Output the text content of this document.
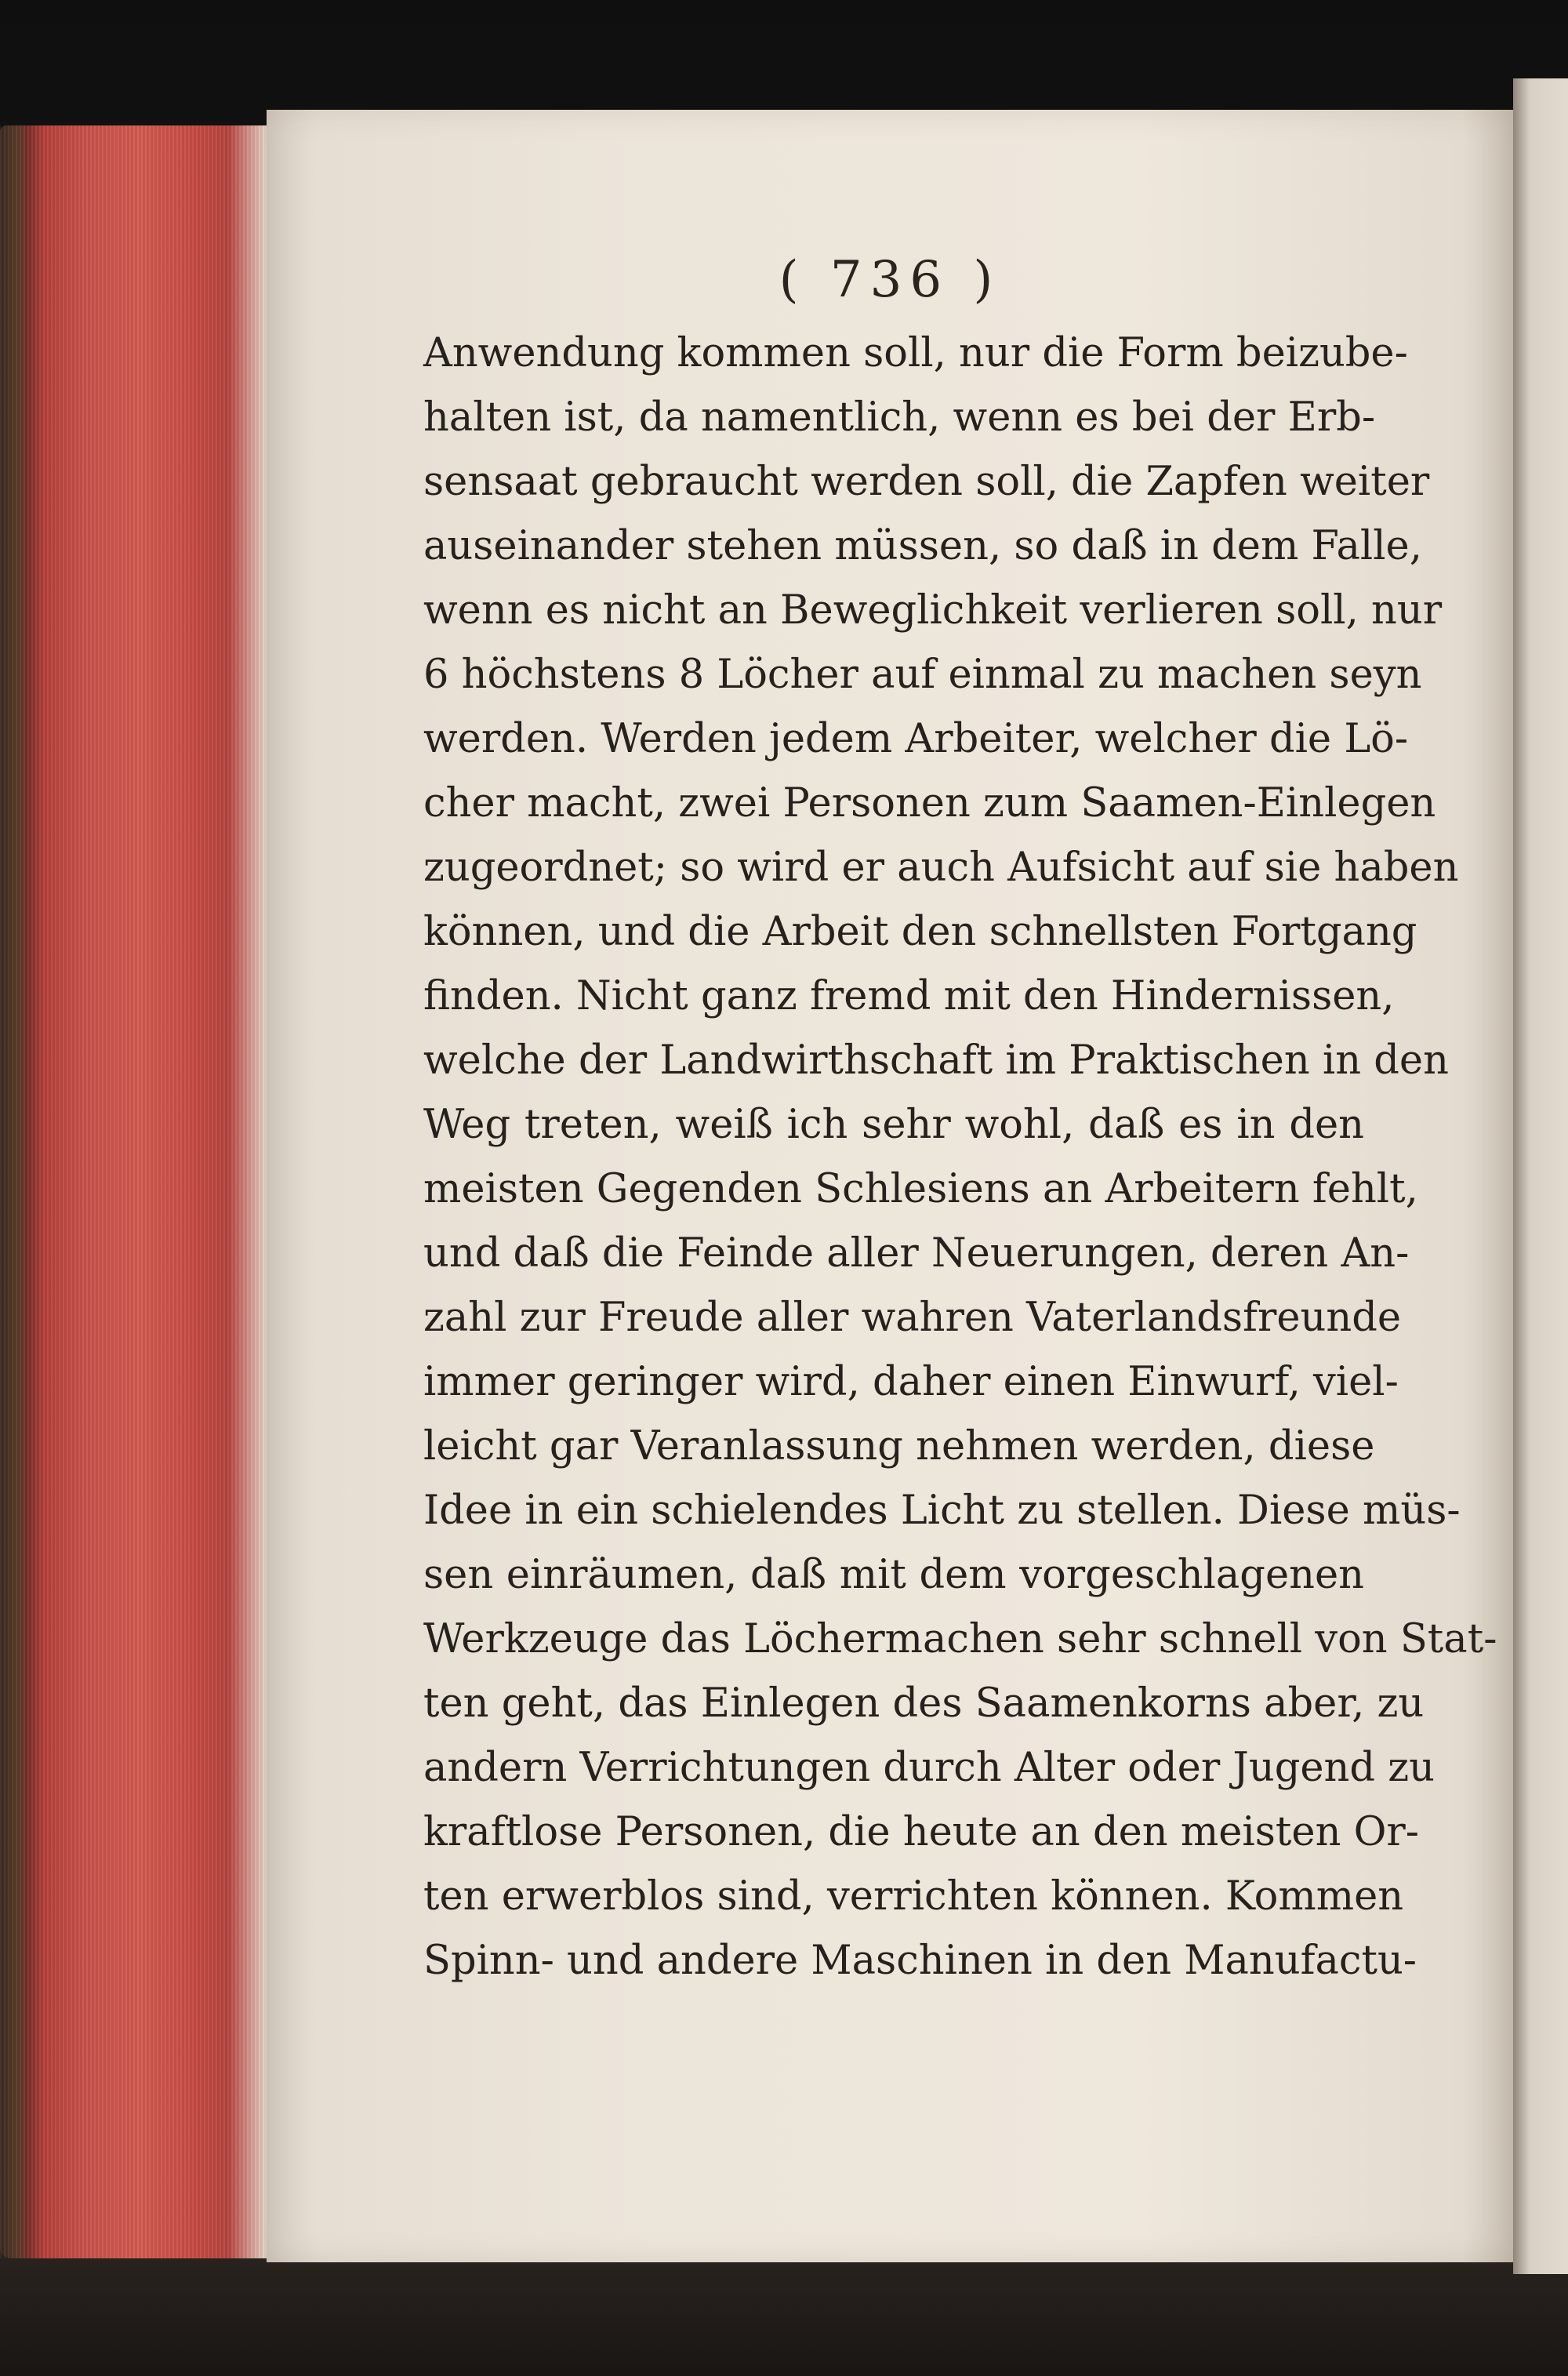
( 736 )
Anwendung kommen soll, nur die Form beizube-
halten ist, da namentlich, wenn es bei der Erb-
sensaat gebraucht werden soll, die Zapfen weiter
auseinander stehen müssen, so daß in dem Falle,
wenn es nicht an Beweglichkeit verlieren soll, nur
6 höchstens 8 Löcher auf einmal zu machen seyn
werden. Werden jedem Arbeiter, welcher die Lö-
cher macht, zwei Personen zum Saamen-Einlegen
zugeordnet; so wird er auch Aufsicht auf sie haben
können, und die Arbeit den schnellsten Fortgang
finden. Nicht ganz fremd mit den Hindernissen,
welche der Landwirthschaft im Praktischen in den
Weg treten, weiß ich sehr wohl, daß es in den
meisten Gegenden Schlesiens an Arbeitern fehlt,
und daß die Feinde aller Neuerungen, deren An-
zahl zur Freude aller wahren Vaterlandsfreunde
immer geringer wird, daher einen Einwurf, viel-
leicht gar Veranlassung nehmen werden, diese
Idee in ein schielendes Licht zu stellen. Diese müs-
sen einräumen, daß mit dem vorgeschlagenen
Werkzeuge das Löchermachen sehr schnell von Stat-
ten geht, das Einlegen des Saamenkorns aber, zu
andern Verrichtungen durch Alter oder Jugend zu
kraftlose Personen, die heute an den meisten Or-
ten erwerblos sind, verrichten können. Kommen
Spinn- und andere Maschinen in den Manufactu-
